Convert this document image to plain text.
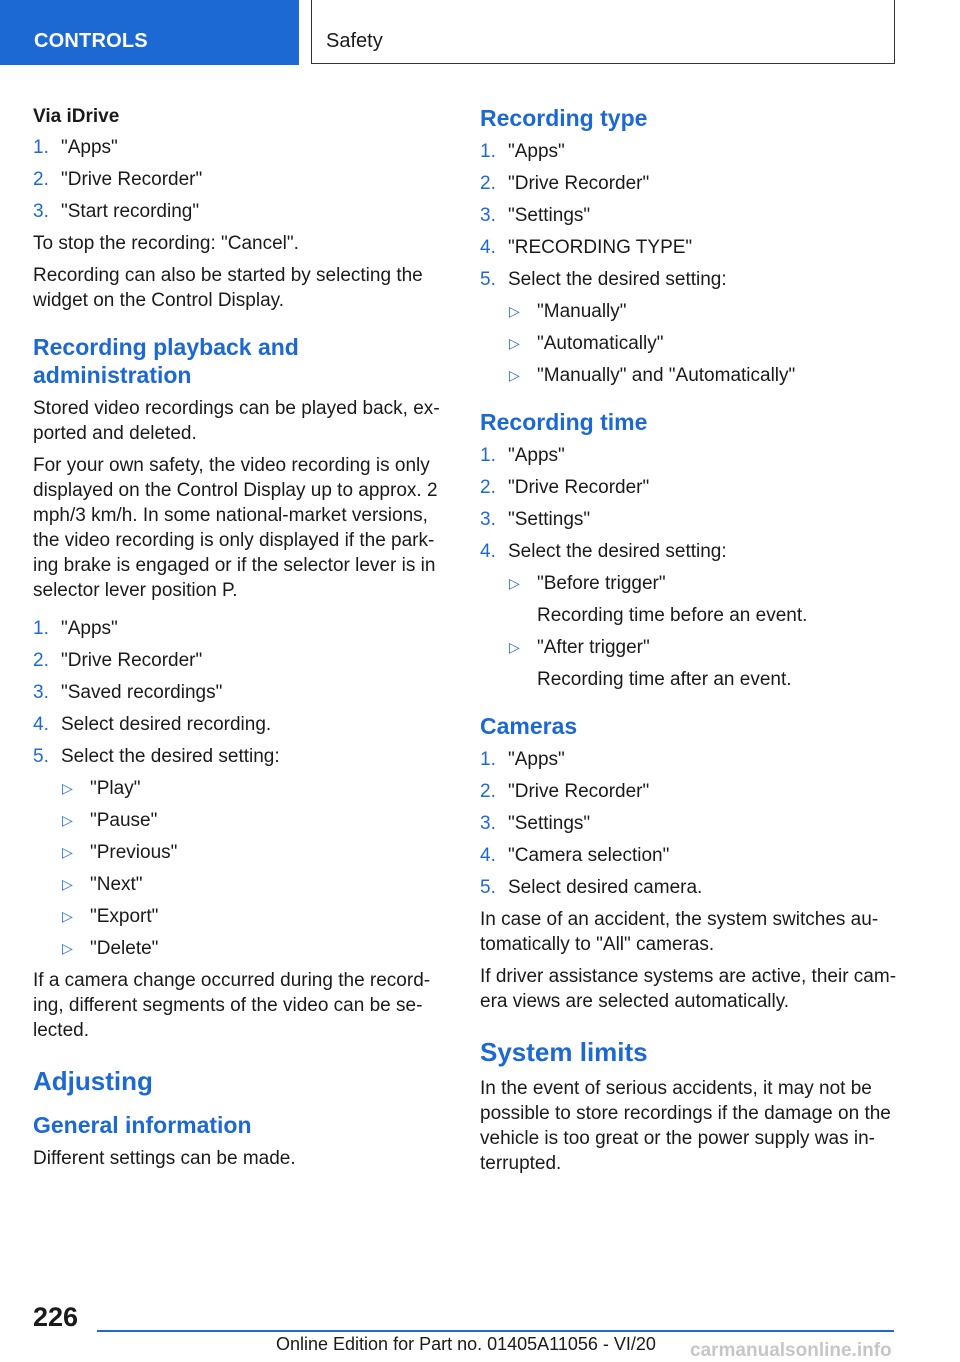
CONTROLS	Safety
Via iDrive
1. "Apps"
2. "Drive Recorder"
3. "Start recording"

To stop the recording: "Cancel".

Recording can also be started by selecting the widget on the Control Display.

Recording playback and administration

Stored video recordings can be played back, exported and deleted.

For your own safety, the video recording is only displayed on the Control Display up to approx. 2 mph/3 km/h. In some national-market versions, the video recording is only displayed if the parking brake is engaged or if the selector lever is in selector lever position P.

1. "Apps"
2. "Drive Recorder"
3. "Saved recordings"
4. Select desired recording.
5. Select the desired setting:
▷ "Play"
▷ "Pause"
▷ "Previous"
▷ "Next"
▷ "Export"
▷ "Delete"

If a camera change occurred during the recording, different segments of the video can be selected.

Adjusting
General information

Different settings can be made.

Recording type
1. "Apps"
2. "Drive Recorder"
3. "Settings"
4. "RECORDING TYPE"
5. Select the desired setting:
▷ "Manually"
▷ "Automatically"
▷ "Manually" and "Automatically"
Recording time
1. "Apps"
2. "Drive Recorder"
3. "Settings"
4. Select the desired setting:
▷ "Before trigger"
Recording time before an event.
▷ "After trigger"
Recording time after an event.
Cameras
1. "Apps"
2. "Drive Recorder"
3. "Settings"
4. "Camera selection"
5. Select desired camera.

In case of an accident, the system switches automatically to "All" cameras.

If driver assistance systems are active, their camera views are selected automatically.

System limits

In the event of serious accidents, it may not be possible to store recordings if the damage on the vehicle is too great or the power supply was interrupted.

226
Online Edition for Part no. 01405A11056 - VI/20 carmanualsonline.info
